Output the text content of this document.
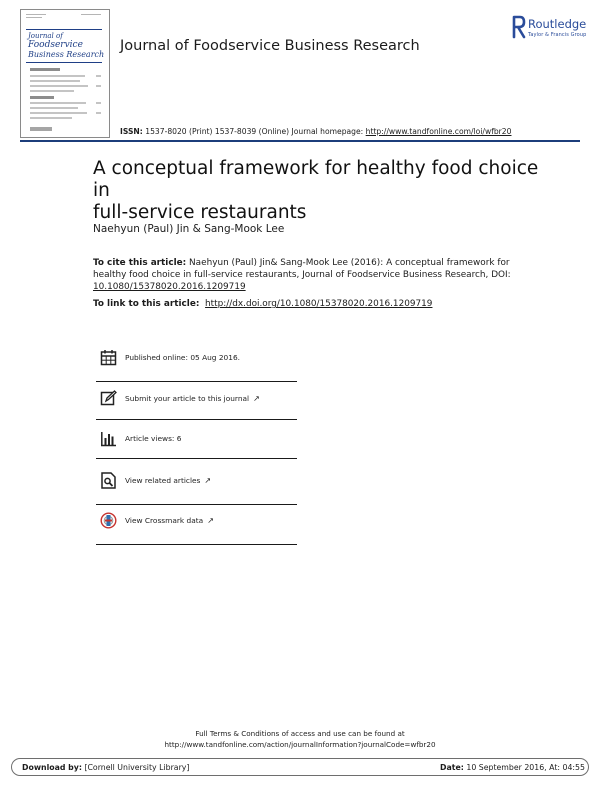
Journal of
Foodservice
Business Research
Journal of Foodservice Business Research
Routledge
Taylor & Francis Group
ISSN: 1537-8020 (Print) 1537-8039 (Online) Journal homepage: http://www.tandfonline.com/loi/wfbr20
A conceptual framework for healthy food choice in
full-service restaurants
Naehyun (Paul) Jin & Sang-Mook Lee
To cite this article: Naehyun (Paul) Jin& Sang-Mook Lee (2016): A conceptual framework for
healthy food choice in full-service restaurants, Journal of Foodservice Business Research, DOI:
10.1080/15378020.2016.1209719
To link to this article: http://dx.doi.org/10.1080/15378020.2016.1209719
Published online: 05 Aug 2016.
Submit your article to this journal ↗
Article views: 6
View related articles ↗
View Crossmark data ↗
Full Terms & Conditions of access and use can be found at
http://www.tandfonline.com/action/journalInformation?journalCode=wfbr20
Download by: [Cornell University Library]	Date: 10 September 2016, At: 04:55
